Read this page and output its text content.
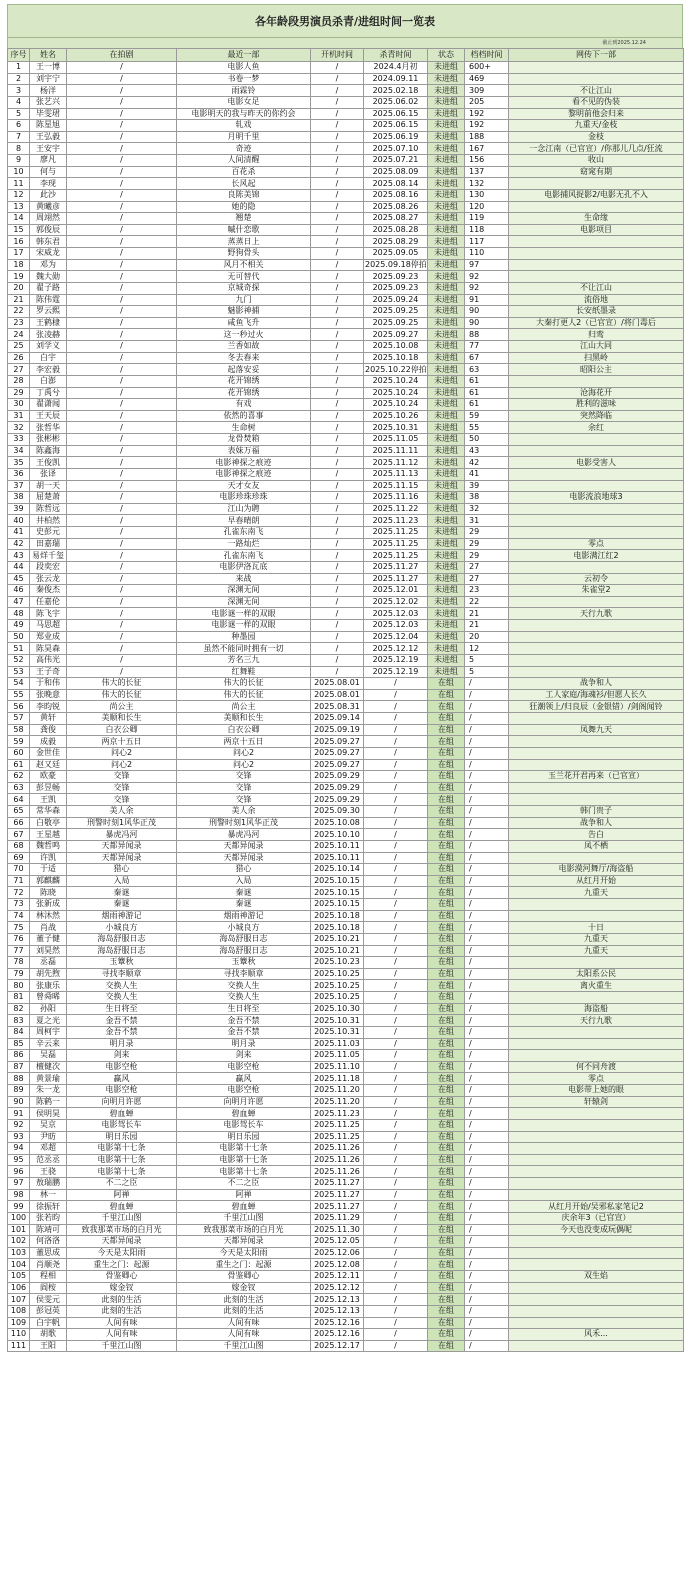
各年龄段男演员杀青/进组时间一览表
截止到2025.12.24
序号	姓名	在拍剧	最近一部	开机时间	杀青时间	状态	档档时间	网传下一部
1	王一博	/	电影人鱼	/	2024.4月初	未进组	600+	
2	刘宇宁	/	书卷一梦	/	2024.09.11	未进组	469	
3	杨洋	/	雨霖铃	/	2025.02.18	未进组	309	不让江山
4	张艺兴	/	电影女足	/	2025.06.02	未进组	205	看不见的伪装
5	毕雯珺	/	电影明天的我与昨天的你约会	/	2025.06.15	未进组	192	黎明前他会归来
6	陈星旭	/	轧戏	/	2025.06.15	未进组	192	九重天/金枝
7	王弘毅	/	月明千里	/	2025.06.19	未进组	188	金枝
8	王安宇	/	奇迹	/	2025.07.10	未进组	167	一念江南（已官宣）/你那儿几点/狂流
9	廖凡	/	人间清醒	/	2025.07.21	未进组	156	收山
10	何与	/	百花杀	/	2025.08.09	未进组	137	窈窕有期
11	李现	/	长风起	/	2025.08.14	未进组	132	
12	此沙	/	良陈美锦	/	2025.08.16	未进组	130	电影捕风捉影2/电影无孔不入
13	黄曦彦	/	她的隐	/	2025.08.26	未进组	120	
14	周翊然	/	翘楚	/	2025.08.27	未进组	119	生命缘
15	郭俊辰	/	嘁什恋歌	/	2025.08.28	未进组	118	电影项目
16	韩东君	/	蒸蒸日上	/	2025.08.29	未进组	117	
17	宋威龙	/	野狗骨头	/	2025.09.05	未进组	110	
18	邓为	/	风月不相关	/	2025.09.18停拍	未进组	97	
19	魏大勋	/	无可替代	/	2025.09.23	未进组	92	
20	翟子路	/	京城奇探	/	2025.09.23	未进组	92	不让江山
21	陈伟霆	/	九门	/	2025.09.24	未进组	91	流俗地
22	罗云熙	/	魅影神捕	/	2025.09.25	未进组	90	长安纸墨录
23	王鹤棣	/	咸鱼飞升	/	2025.09.25	未进组	90	大秦打更人2（已官宣）/将门毒后
24	张凌赫	/	这一秒过火	/	2025.09.27	未进组	88	归鸾
25	刘学义	/	兰香如故	/	2025.10.08	未进组	77	江山大同
26	白宇	/	冬去春来	/	2025.10.18	未进组	67	扫黑岭
27	李宏毅	/	起落安妥	/	2025.10.22停拍	未进组	63	昭阳公主
28	白澎	/	花开锦绣	/	2025.10.24	未进组	61	
29	丁禹兮	/	花开锦绣	/	2025.10.24	未进组	61	沧海花开
30	翟潇闻	/	有戏	/	2025.10.24	未进组	61	胜利的滋味
31	王天辰	/	依然的喜事	/	2025.10.26	未进组	59	突然降临
32	张哲华	/	生命树	/	2025.10.31	未进组	55	余红
33	张彬彬	/	龙骨焚箱	/	2025.11.05	未进组	50	
34	陈鑫海	/	表妹万福	/	2025.11.11	未进组	43	
35	王俊凯	/	电影神探之痕迹	/	2025.11.12	未进组	42	电影受害人
36	张译	/	电影神探之痕迹	/	2025.11.13	未进组	41	
37	胡一天	/	天才女友	/	2025.11.15	未进组	39	
38	屈楚萧	/	电影珍珠珍珠	/	2025.11.16	未进组	38	电影流浪地球3
39	陈哲远	/	江山为聘	/	2025.11.22	未进组	32	
40	井柏然	/	早春晴朗	/	2025.11.23	未进组	31	
41	史彭元	/	孔雀东南飞	/	2025.11.25	未进组	29	
42	田嘉瑞	/	一路灿烂	/	2025.11.25	未进组	29	零点
43	易烊千玺	/	孔雀东南飞	/	2025.11.25	未进组	29	电影满江红2
44	段奕宏	/	电影伊洛瓦底	/	2025.11.27	未进组	27	
45	张云龙	/	来战	/	2025.11.27	未进组	27	云初令
46	秦俊杰	/	深渊无间	/	2025.12.01	未进组	23	朱雀堂2
47	任嘉伦	/	深渊无间	/	2025.12.02	未进组	22	
48	陈飞宇	/	电影谜一样的双眼	/	2025.12.03	未进组	21	天行九歌
49	马思超	/	电影谜一样的双眼	/	2025.12.03	未进组	21	
50	郑业成	/	种墨园	/	2025.12.04	未进组	20	
51	陈昊森	/	虽然不能同时拥有一切	/	2025.12.12	未进组	12	
52	高伟光	/	芳名三九	/	2025.12.19	未进组	5	
53	王子奇	/	红舞鞋	/	2025.12.19	未进组	5	
54	于和伟	伟大的长征	伟大的长征	2025.08.01	/	在组	/	战争和人
55	张晚意	伟大的长征	伟大的长征	2025.08.01	/	在组	/	工人家庭/海魂衫/但愿人长久
56	李昀锐	尚公主	尚公主	2025.08.31	/	在组	/	狂潮领上/归良辰（金银错）/剑阁闻铃
57	黄轩	美顺和长生	美顺和长生	2025.09.14	/	在组	/	
58	龚俊	白衣公卿	白衣公卿	2025.09.19	/	在组	/	凤舞九天
59	成毅	两京十五日	两京十五日	2025.09.27	/	在组	/	
60	金世佳	问心2	问心2	2025.09.27	/	在组	/	
61	赵又廷	问心2	问心2	2025.09.27	/	在组	/	
62	欧豪	交锋	交锋	2025.09.29	/	在组	/	玉兰花开君再来（已官宣）
63	彭昱畅	交锋	交锋	2025.09.29	/	在组	/	
64	王凯	交锋	交锋	2025.09.29	/	在组	/	
65	常华森	美人余	美人余	2025.09.30	/	在组	/	韩门贵子
66	白敬亭	刑警时刻1风华正茂	刑警时刻1风华正茂	2025.10.08	/	在组	/	战争和人
67	王星越	暴虎冯河	暴虎冯河	2025.10.10	/	在组	/	告白
68	魏哲鸣	天都异闻录	天都异闻录	2025.10.11	/	在组	/	凤不栖
69	许凯	天都异闻录	天都异闻录	2025.10.11	/	在组	/	
70	于适	猎心	猎心	2025.10.14	/	在组	/	电影漠河舞厅/海盗船
71	郭麒麟	入局	入局	2025.10.15	/	在组	/	从红月开始
72	陈晓	秦谜	秦谜	2025.10.15	/	在组	/	九重天
73	张新成	秦谜	秦谜	2025.10.15	/	在组	/	
74	林沐然	烟雨神游记	烟雨神游记	2025.10.18	/	在组	/	
75	肖战	小城良方	小城良方	2025.10.18	/	在组	/	十日
76	董子健	海岛舒服日志	海岛舒服日志	2025.10.21	/	在组	/	九重天
77	刘昊然	海岛舒服日志	海岛舒服日志	2025.10.21	/	在组	/	九重天
78	丞磊	玉簟秋	玉簟秋	2025.10.23	/	在组	/	
79	胡先煦	寻找李顺章	寻找李顺章	2025.10.25	/	在组	/	太阳系公民
80	张康乐	交换人生	交换人生	2025.10.25	/	在组	/	离火重生
81	曾舜晞	交换人生	交换人生	2025.10.25	/	在组	/	
82	孙阳	生日将至	生日将至	2025.10.30	/	在组	/	海盗船
83	夏之光	金吾不禁	金吾不禁	2025.10.31	/	在组	/	天行九歌
84	周柯宇	金吾不禁	金吾不禁	2025.10.31	/	在组	/	
85	辛云来	明月录	明月录	2025.11.03	/	在组	/	
86	吴磊	剑来	剑来	2025.11.05	/	在组	/	
87	檀健次	电影空枪	电影空枪	2025.11.10	/	在组	/	何不同舟渡
88	黄景瑜	赢风	赢风	2025.11.18	/	在组	/	零点
89	朱一龙	电影空枪	电影空枪	2025.11.20	/	在组	/	电影带上她的眼
90	陈鹤一	向明月许愿	向明月许愿	2025.11.20	/	在组	/	轩辕剑
91	侯明昊	碧血蝉	碧血蝉	2025.11.23	/	在组	/	
92	吴京	电影驾长车	电影驾长车	2025.11.25	/	在组	/	
93	尹昉	明日乐园	明日乐园	2025.11.25	/	在组	/	
94	邓超	电影第十七条	电影第十七条	2025.11.26	/	在组	/	
95	范丞丞	电影第十七条	电影第十七条	2025.11.26	/	在组	/	
96	王骁	电影第十七条	电影第十七条	2025.11.26	/	在组	/	
97	敖瑞鹏	不二之臣	不二之臣	2025.11.27	/	在组	/	
98	林一	阿禅	阿禅	2025.11.27	/	在组	/	
99	徐振轩	碧血蝉	碧血蝉	2025.11.27	/	在组	/	从红月开始/吴邪私家笔记2
100	张若昀	千里江山图	千里江山图	2025.11.29	/	在组	/	庆余年3（已官宣）
101	陈靖可	致我那菜市场的白月光	致我那菜市场的白月光	2025.11.30	/	在组	/	今天也没变成玩偶呢
102	何洛洛	天都异闻录	天都异闻录	2025.12.05	/	在组	/	
103	董思成	今天是太阳雨	今天是太阳雨	2025.12.06	/	在组	/	
104	肖顺尧	重生之门：起源	重生之门：起源	2025.12.08	/	在组	/	
105	程相	骨鉴卿心	骨鉴卿心	2025.12.11	/	在组	/	双生焰
106	阎桉	嫁金钗	嫁金钗	2025.12.12	/	在组	/	
107	侯雯元	此刻的生活	此刻的生活	2025.12.13	/	在组	/	
108	彭冠英	此刻的生活	此刻的生活	2025.12.13	/	在组	/	
109	白宇帆	人间有味	人间有味	2025.12.16	/	在组	/	
110	胡歌	人间有味	人间有味	2025.12.16	/	在组	/	风禾...
111	王阳	千里江山图	千里江山图	2025.12.17	/	在组	/	
